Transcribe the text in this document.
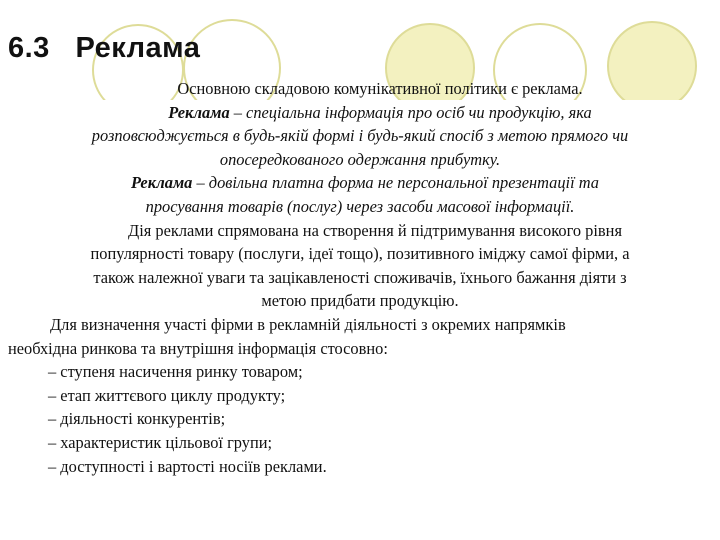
6.3 Реклама

Основною складовою комунікативної політики є реклама.

Реклама – спеціальна інформація про осіб чи продукцію, яка
розповсюджується в будь-якій формі і будь-який спосіб з метою прямого чи
опосередкованого одержання прибутку.
Реклама – довільна платна форма не персональної презентації та
просування товарів (послуг) через засоби масової інформації.
Дія реклами спрямована на створення й підтримування високого рівня
популярності товару (послуги, ідеї тощо), позитивного іміджу самої фірми, а
також належної уваги та зацікавленості споживачів, їхнього бажання діяти з
метою придбати продукцію.
Для визначення участі фірми в рекламній діяльності з окремих напрямків
необхідна ринкова та внутрішня інформація стосовно:
– ступеня насичення ринку товаром;
– етап життєвого циклу продукту;
– діяльності конкурентів;
– характеристик цільової групи;
– доступності і вартості носіїв реклами.
